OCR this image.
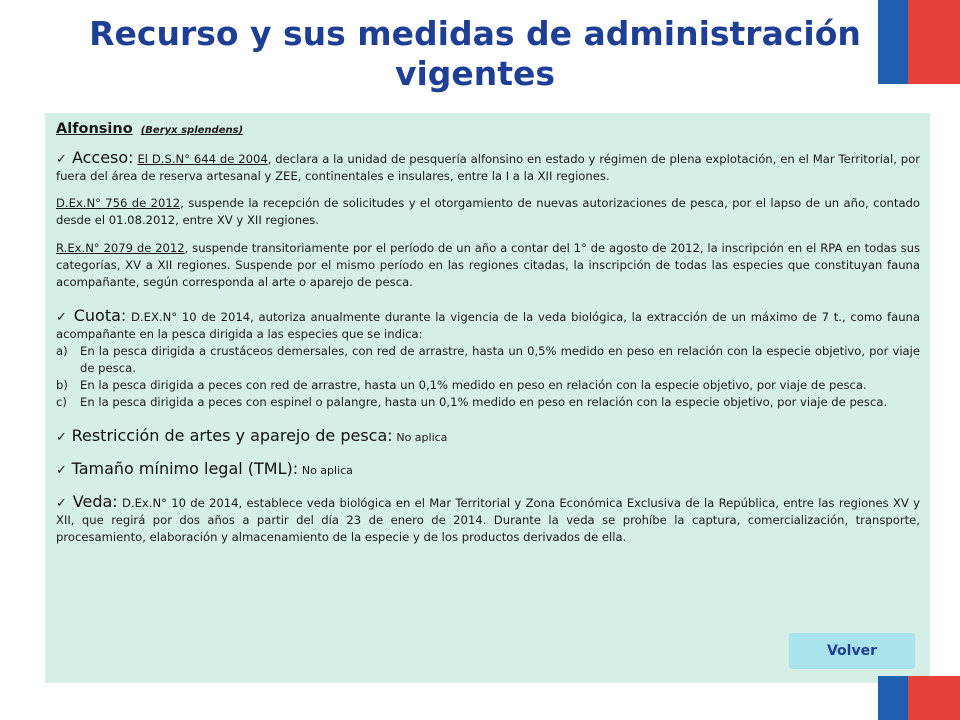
Recurso y sus medidas de administración
vigentes
Alfonsino (Beryx splendens)
✓ Acceso: El D.S.N° 644 de 2004, declara a la unidad de pesquería alfonsino en estado y régimen de plena explotación, en el Mar Territorial, por fuera del área de reserva artesanal y ZEE, continentales e insulares, entre la I a la XII regiones.
D.Ex.N° 756 de 2012, suspende la recepción de solicitudes y el otorgamiento de nuevas autorizaciones de pesca, por el lapso de un año, contado desde el 01.08.2012, entre XV y XII regiones.
R.Ex.N° 2079 de 2012, suspende transitoriamente por el período de un año a contar del 1° de agosto de 2012, la inscripción en el RPA en todas sus categorías, XV a XII regiones. Suspende por el mismo período en las regiones citadas, la inscripción de todas las especies que constituyan fauna acompañante, según corresponda al arte o aparejo de pesca.
✓ Cuota: D.EX.N° 10 de 2014, autoriza anualmente durante la vigencia de la veda biológica, la extracción de un máximo de 7 t., como fauna acompañante en la pesca dirigida a las especies que se indica:
a) En la pesca dirigida a crustáceos demersales, con red de arrastre, hasta un 0,5% medido en peso en relación con la especie objetivo, por viaje de pesca.
b) En la pesca dirigida a peces con red de arrastre, hasta un 0,1% medido en peso en relación con la especie objetivo, por viaje de pesca.
c) En la pesca dirigida a peces con espinel o palangre, hasta un 0,1% medido en peso en relación con la especie objetivo, por viaje de pesca.
✓ Restricción de artes y aparejo de pesca: No aplica
✓ Tamaño mínimo legal (TML): No aplica
✓ Veda: D.Ex.N° 10 de 2014, establece veda biológica en el Mar Territorial y Zona Económica Exclusiva de la República, entre las regiones XV y XII, que regirá por dos años a partir del día 23 de enero de 2014. Durante la veda se prohíbe la captura, comercialización, transporte, procesamiento, elaboración y almacenamiento de la especie y de los productos derivados de ella.
Volver
